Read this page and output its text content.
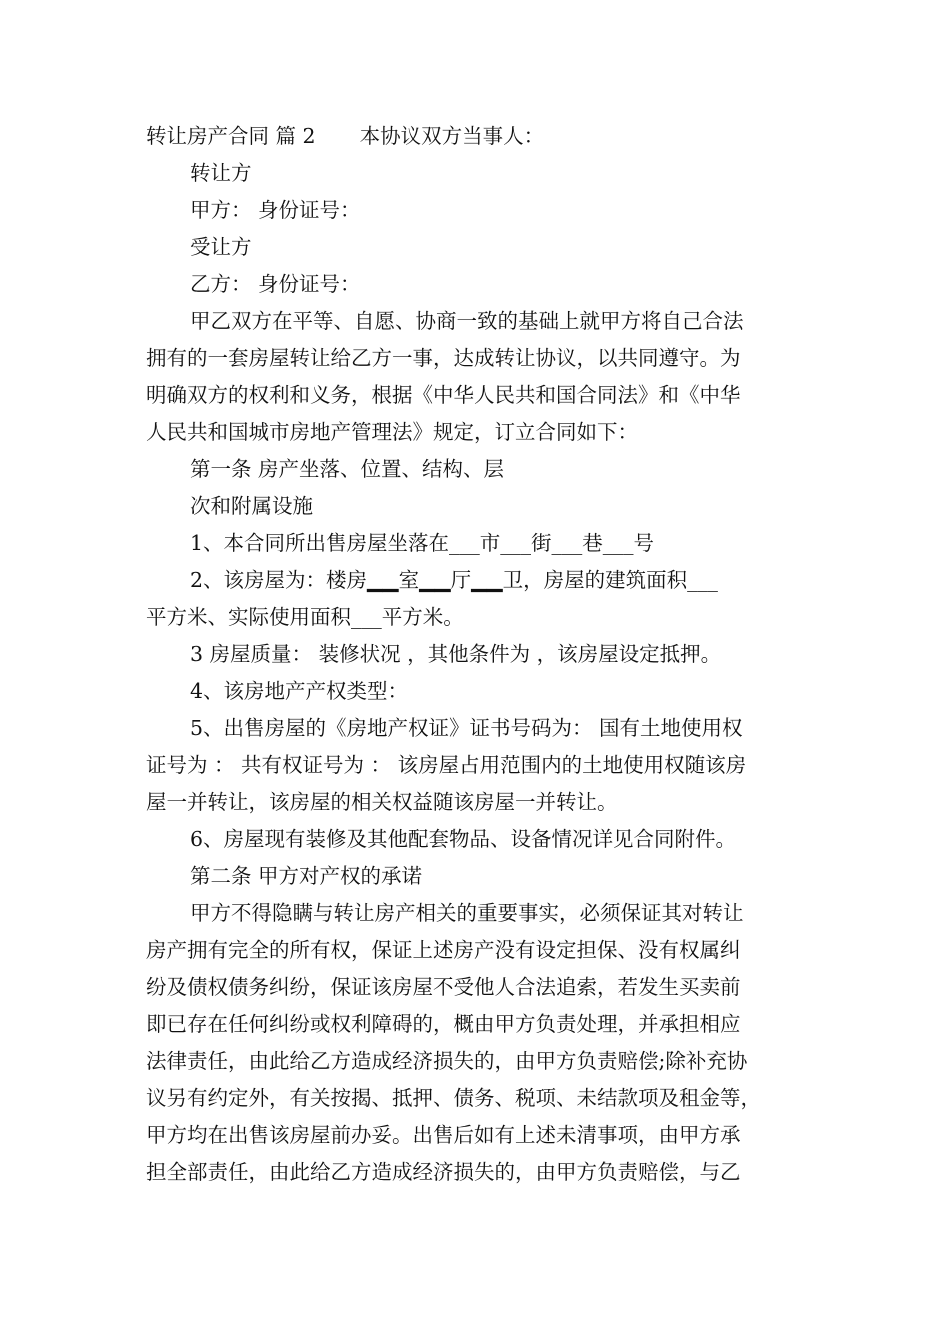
转让房产合同 篇 2 本协议双方当事人：
转让方
甲方： 身份证号：
受让方
乙方： 身份证号：
甲乙双方在平等、自愿、协商一致的基础上就甲方将自己合法
拥有的一套房屋转让给乙方一事，达成转让协议，以共同遵守。为
明确双方的权利和义务，根据《中华人民共和国合同法》和《中华
人民共和国城市房地产管理法》规定，订立合同如下：
第一条 房产坐落、位置、结构、层
次和附属设施
1、本合同所出售房屋坐落在___市___街___巷___号
2、该房屋为：楼房▁▁室▁▁厅▁▁卫，房屋的建筑面积___
平方米、实际使用面积___平方米。
3 房屋质量： 装修状况 ，其他条件为 ，该房屋设定抵押。
4、该房地产产权类型：
5、出售房屋的《房地产权证》证书号码为： 国有土地使用权
证号为 ： 共有权证号为 ： 该房屋占用范围内的土地使用权随该房
屋一并转让，该房屋的相关权益随该房屋一并转让。
6、房屋现有装修及其他配套物品、设备情况详见合同附件。
第二条 甲方对产权的承诺
甲方不得隐瞒与转让房产相关的重要事实，必须保证其对转让
房产拥有完全的所有权，保证上述房产没有设定担保、没有权属纠
纷及债权债务纠纷，保证该房屋不受他人合法追索，若发生买卖前
即已存在任何纠纷或权利障碍的，概由甲方负责处理，并承担相应
法律责任，由此给乙方造成经济损失的，由甲方负责赔偿;除补充协
议另有约定外，有关按揭、抵押、债务、税项、未结款项及租金等，
甲方均在出售该房屋前办妥。出售后如有上述未清事项，由甲方承
担全部责任，由此给乙方造成经济损失的，由甲方负责赔偿，与乙
